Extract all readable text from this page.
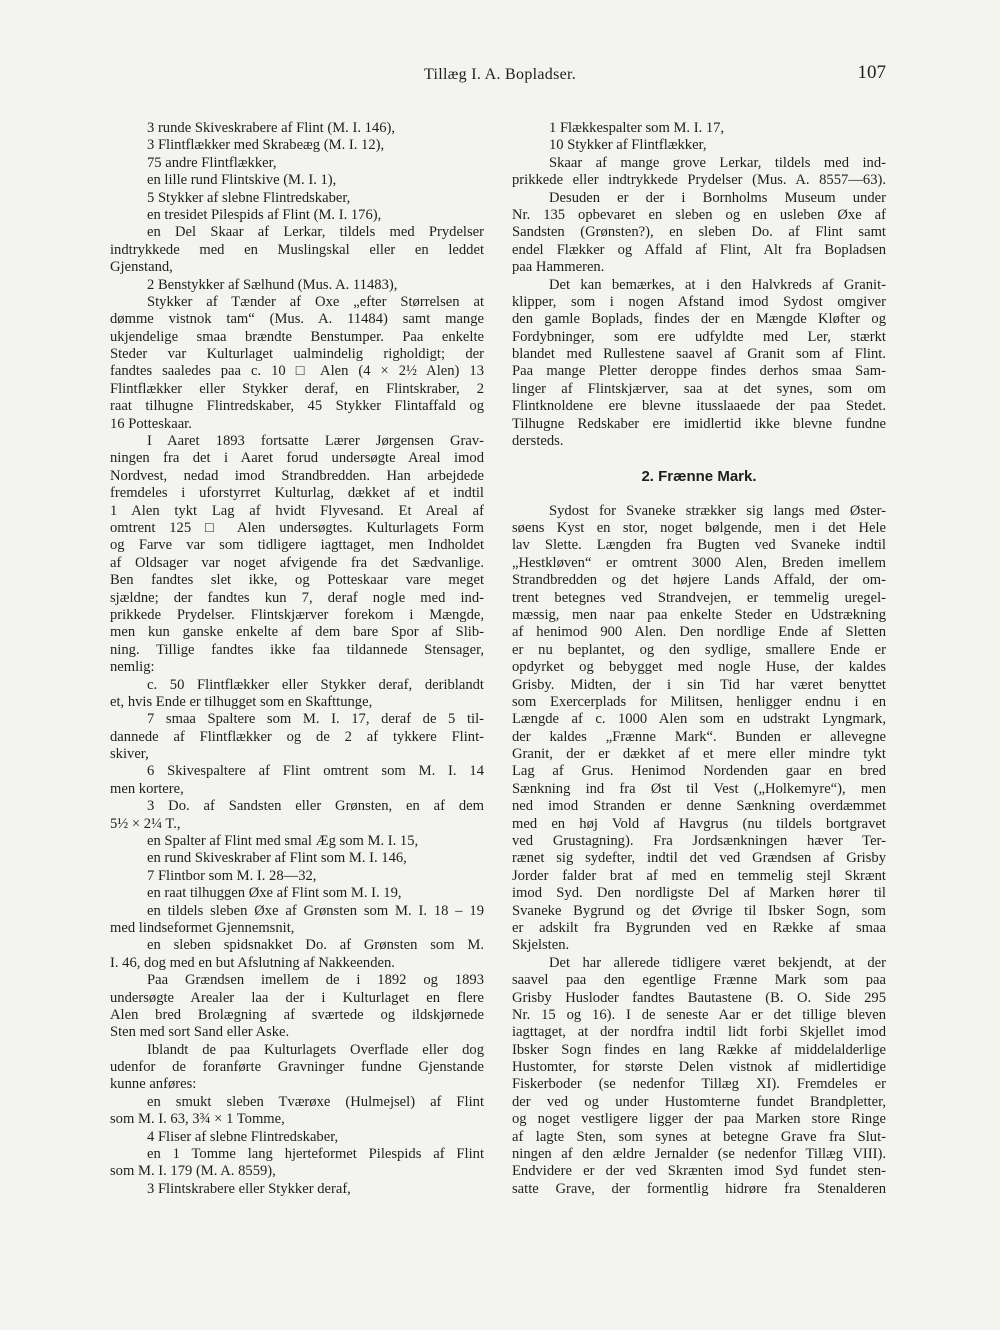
Tillæg I. A. Bopladser.	107
3 runde Skiveskrabere af Flint (M. I. 146),
3 Flintflækker med Skrabeæg (M. I. 12),
75 andre Flintflækker,
en lille rund Flintskive (M. I. 1),
5 Stykker af slebne Flintredskaber,
en tresidet Pilespids af Flint (M. I. 176),
en Del Skaar af Lerkar, tildels med Prydelser
indtrykkede med en Muslingskal eller en leddet
Gjenstand,
2 Benstykker af Sælhund (Mus. A. 11483),
Stykker af Tænder af Oxe „efter Størrelsen at
dømme vistnok tam“ (Mus. A. 11484) samt mange
ukjendelige smaa brændte Benstumper. Paa enkelte
Steder var Kulturlaget ualmindelig righoldigt; der
fandtes saaledes paa c. 10 □ Alen (4 × 2½ Alen) 13
Flintflækker eller Stykker deraf, en Flintskraber, 2
raat tilhugne Flintredskaber, 45 Stykker Flintaffald og
16 Potteskaar.
I Aaret 1893 fortsatte Lærer Jørgensen Grav-
ningen fra det i Aaret forud undersøgte Areal imod
Nordvest, nedad imod Strandbredden. Han arbejdede
fremdeles i uforstyrret Kulturlag, dækket af et indtil
1 Alen tykt Lag af hvidt Flyvesand. Et Areal af
omtrent 125 □ Alen undersøgtes. Kulturlagets Form
og Farve var som tidligere iagttaget, men Indholdet
af Oldsager var noget afvigende fra det Sædvanlige.
Ben fandtes slet ikke, og Potteskaar vare meget
sjældne; der fandtes kun 7, deraf nogle med ind-
prikkede Prydelser. Flintskjærver forekom i Mængde,
men kun ganske enkelte af dem bare Spor af Slib-
ning. Tillige fandtes ikke faa tildannede Stensager,
nemlig:
c. 50 Flintflækker eller Stykker deraf, deriblandt
et, hvis Ende er tilhugget som en Skafttunge,
7 smaa Spaltere som M. I. 17, deraf de 5 til-
dannede af Flintflækker og de 2 af tykkere Flint-
skiver,
6 Skivespaltere af Flint omtrent som M. I. 14
men kortere,
3 Do. af Sandsten eller Grønsten, en af dem
5½ × 2¼ T.,
en Spalter af Flint med smal Æg som M. I. 15,
en rund Skiveskraber af Flint som M. I. 146,
7 Flintbor som M. I. 28—32,
en raat tilhuggen Øxe af Flint som M. I. 19,
en tildels sleben Øxe af Grønsten som M. I. 18 – 19
med lindseformet Gjennemsnit,
en sleben spidsnakket Do. af Grønsten som M.
I. 46, dog med en but Afslutning af Nakkeenden.
Paa Grændsen imellem de i 1892 og 1893
undersøgte Arealer laa der i Kulturlaget en flere
Alen bred Brolægning af sværtede og ildskjørnede
Sten med sort Sand eller Aske.
Iblandt de paa Kulturlagets Overflade eller dog
udenfor de foranførte Gravninger fundne Gjenstande
kunne anføres:
en smukt sleben Tværøxe (Hulmejsel) af Flint
som M. I. 63, 3¾ × 1 Tomme,
4 Fliser af slebne Flintredskaber,
en 1 Tomme lang hjerteformet Pilespids af Flint
som M. I. 179 (M. A. 8559),
3 Flintskrabere eller Stykker deraf,
1 Flækkespalter som M. I. 17,
10 Stykker af Flintflækker,
Skaar af mange grove Lerkar, tildels med ind-
prikkede eller indtrykkede Prydelser (Mus. A. 8557—63).
Desuden er der i Bornholms Museum under
Nr. 135 opbevaret en sleben og en usleben Øxe af
Sandsten (Grønsten?), en sleben Do. af Flint samt
endel Flækker og Affald af Flint, Alt fra Bopladsen
paa Hammeren.
Det kan bemærkes, at i den Halvkreds af Granit-
klipper, som i nogen Afstand imod Sydost omgiver
den gamle Boplads, findes der en Mængde Kløfter og
Fordybninger, som ere udfyldte med Ler, stærkt
blandet med Rullestene saavel af Granit som af Flint.
Paa mange Pletter deroppe findes derhos smaa Sam-
linger af Flintskjærver, saa at det synes, som om
Flintknoldene ere blevne itusslaaede der paa Stedet.
Tilhugne Redskaber ere imidlertid ikke blevne fundne
dersteds.
2. Frænne Mark.
Sydost for Svaneke strækker sig langs med Øster-
søens Kyst en stor, noget bølgende, men i det Hele
lav Slette. Længden fra Bugten ved Svaneke indtil
„Hestkløven“ er omtrent 3000 Alen, Breden imellem
Strandbredden og det højere Lands Affald, der om-
trent betegnes ved Strandvejen, er temmelig uregel-
mæssig, men naar paa enkelte Steder en Udstrækning
af henimod 900 Alen. Den nordlige Ende af Sletten
er nu beplantet, og den sydlige, smallere Ende er
opdyrket og bebygget med nogle Huse, der kaldes
Grisby. Midten, der i sin Tid har været benyttet
som Exercerplads for Militsen, henligger endnu i en
Længde af c. 1000 Alen som en udstrakt Lyngmark,
der kaldes „Frænne Mark“. Bunden er allevegne
Granit, der er dækket af et mere eller mindre tykt
Lag af Grus. Henimod Nordenden gaar en bred
Sænkning ind fra Øst til Vest („Holkemyre“), men
ned imod Stranden er denne Sænkning overdæmmet
med en høj Vold af Havgrus (nu tildels bortgravet
ved Grustagning). Fra Jordsænkningen hæver Ter-
rænet sig sydefter, indtil det ved Grændsen af Grisby
Jorder falder brat af med en temmelig stejl Skrænt
imod Syd. Den nordligste Del af Marken hører til
Svaneke Bygrund og det Øvrige til Ibsker Sogn, som
er adskilt fra Bygrunden ved en Række af smaa
Skjelsten.
Det har allerede tidligere været bekjendt, at der
saavel paa den egentlige Frænne Mark som paa
Grisby Husloder fandtes Bautastene (B. O. Side 295
Nr. 15 og 16). I de seneste Aar er det tillige bleven
iagttaget, at der nordfra indtil lidt forbi Skjellet imod
Ibsker Sogn findes en lang Række af middelalderlige
Hustomter, for største Delen vistnok af midlertidige
Fiskerboder (se nedenfor Tillæg XI). Fremdeles er
der ved og under Hustomterne fundet Brandpletter,
og noget vestligere ligger der paa Marken store Ringe
af lagte Sten, som synes at betegne Grave fra Slut-
ningen af den ældre Jernalder (se nedenfor Tillæg VIII).
Endvidere er der ved Skrænten imod Syd fundet sten-
satte Grave, der formentlig hidrøre fra Stenalderen
